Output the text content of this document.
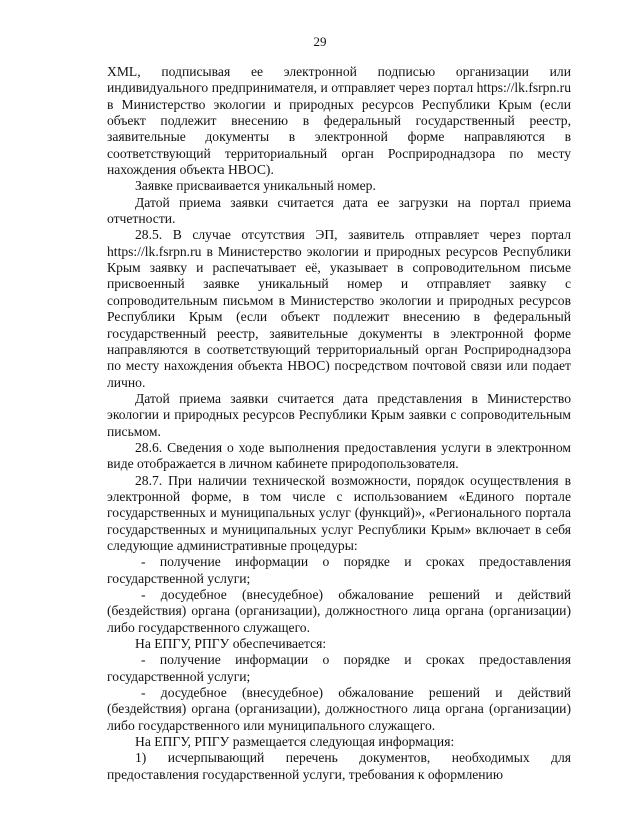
29

XML, подписывая ее электронной подписью организации или индивидуального предпринимателя, и отправляет через портал https://lk.fsrpn.ru в Министерство экологии и природных ресурсов Республики Крым (если объект подлежит внесению в федеральный государственный реестр, заявительные документы в электронной форме направляются в соответствующий территориальный орган Росприроднадзора по месту нахождения объекта НВОС).

Заявке присваивается уникальный номер.

Датой приема заявки считается дата ее загрузки на портал приема отчетности.

28.5. В случае отсутствия ЭП, заявитель отправляет через портал https://lk.fsrpn.ru в Министерство экологии и природных ресурсов Республики Крым заявку и распечатывает её, указывает в сопроводительном письме присвоенный заявке уникальный номер и отправляет заявку с сопроводительным письмом в Министерство экологии и природных ресурсов Республики Крым (если объект подлежит внесению в федеральный государственный реестр, заявительные документы в электронной форме направляются в соответствующий территориальный орган Росприроднадзора по месту нахождения объекта НВОС) посредством почтовой связи или подает лично.

Датой приема заявки считается дата представления в Министерство экологии и природных ресурсов Республики Крым заявки с сопроводительным письмом.

28.6. Сведения о ходе выполнения предоставления услуги в электронном виде отображается в личном кабинете природопользователя.

28.7. При наличии технической возможности, порядок осуществления в электронной форме, в том числе с использованием «Единого портале государственных и муниципальных услуг (функций)», «Регионального портала государственных и муниципальных услуг Республики Крым» включает в себя следующие административные процедуры:

- получение информации о порядке и сроках предоставления государственной услуги;

- досудебное (внесудебное) обжалование решений и действий (бездействия) органа (организации), должностного лица органа (организации) либо государственного служащего.

На ЕПГУ, РПГУ обеспечивается:

- получение информации о порядке и сроках предоставления государственной услуги;

- досудебное (внесудебное) обжалование решений и действий (бездействия) органа (организации), должностного лица органа (организации) либо государственного или муниципального служащего.

На ЕПГУ, РПГУ размещается следующая информация:

1) исчерпывающий перечень документов, необходимых для предоставления государственной услуги, требования к оформлению
